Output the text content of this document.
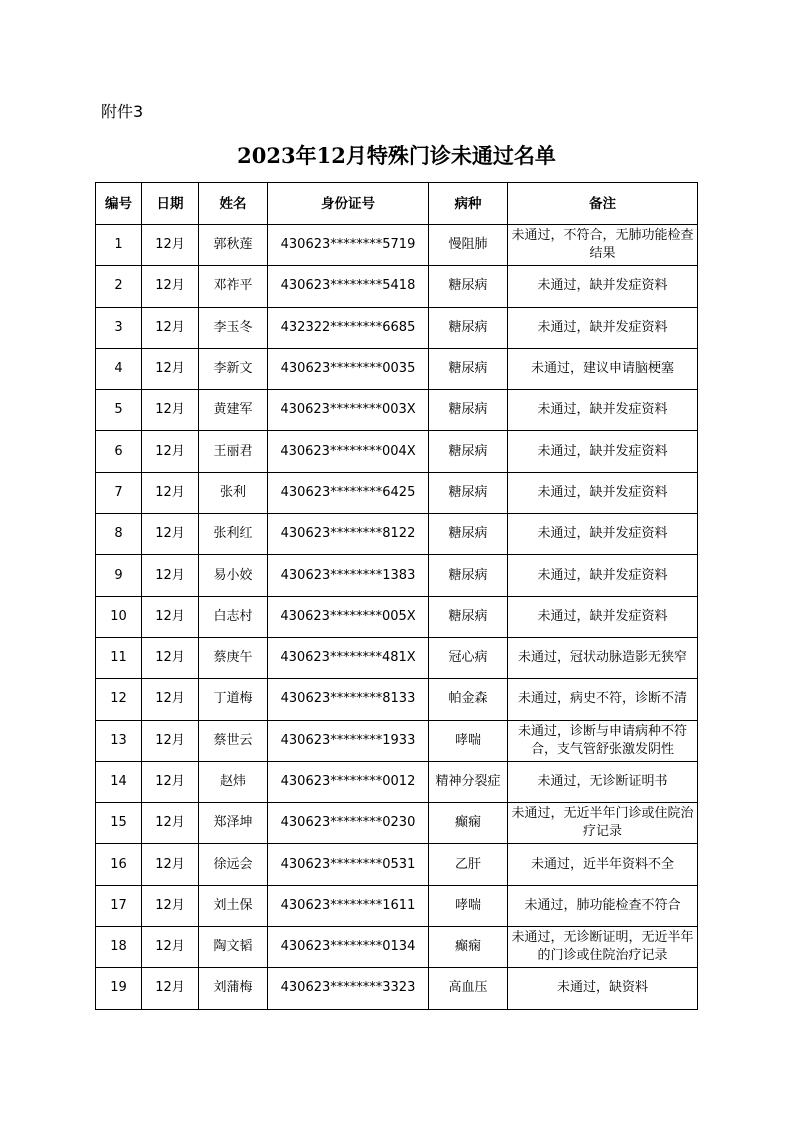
附件3
2023年12月特殊门诊未通过名单
编号	日期	姓名	身份证号	病种	备注
1	12月	郭秋莲	430623********5719	慢阻肺	未通过，不符合，无肺功能检查结果
2	12月	邓祚平	430623********5418	糖尿病	未通过，缺并发症资料
3	12月	李玉冬	432322********6685	糖尿病	未通过，缺并发症资料
4	12月	李新文	430623********0035	糖尿病	未通过，建议申请脑梗塞
5	12月	黄建军	430623********003X	糖尿病	未通过，缺并发症资料
6	12月	王丽君	430623********004X	糖尿病	未通过，缺并发症资料
7	12月	张利	430623********6425	糖尿病	未通过，缺并发症资料
8	12月	张利红	430623********8122	糖尿病	未通过，缺并发症资料
9	12月	易小姣	430623********1383	糖尿病	未通过，缺并发症资料
10	12月	白志村	430623********005X	糖尿病	未通过，缺并发症资料
11	12月	蔡庚午	430623********481X	冠心病	未通过，冠状动脉造影无狭窄
12	12月	丁道梅	430623********8133	帕金森	未通过，病史不符，诊断不清
13	12月	蔡世云	430623********1933	哮喘	未通过，诊断与申请病种不符合，支气管舒张激发阴性
14	12月	赵炜	430623********0012	精神分裂症	未通过，无诊断证明书
15	12月	郑泽坤	430623********0230	癫痫	未通过，无近半年门诊或住院治疗记录
16	12月	徐远会	430623********0531	乙肝	未通过，近半年资料不全
17	12月	刘土保	430623********1611	哮喘	未通过，肺功能检查不符合
18	12月	陶文韬	430623********0134	癫痫	未通过，无诊断证明，无近半年的门诊或住院治疗记录
19	12月	刘蒲梅	430623********3323	高血压	未通过，缺资料
